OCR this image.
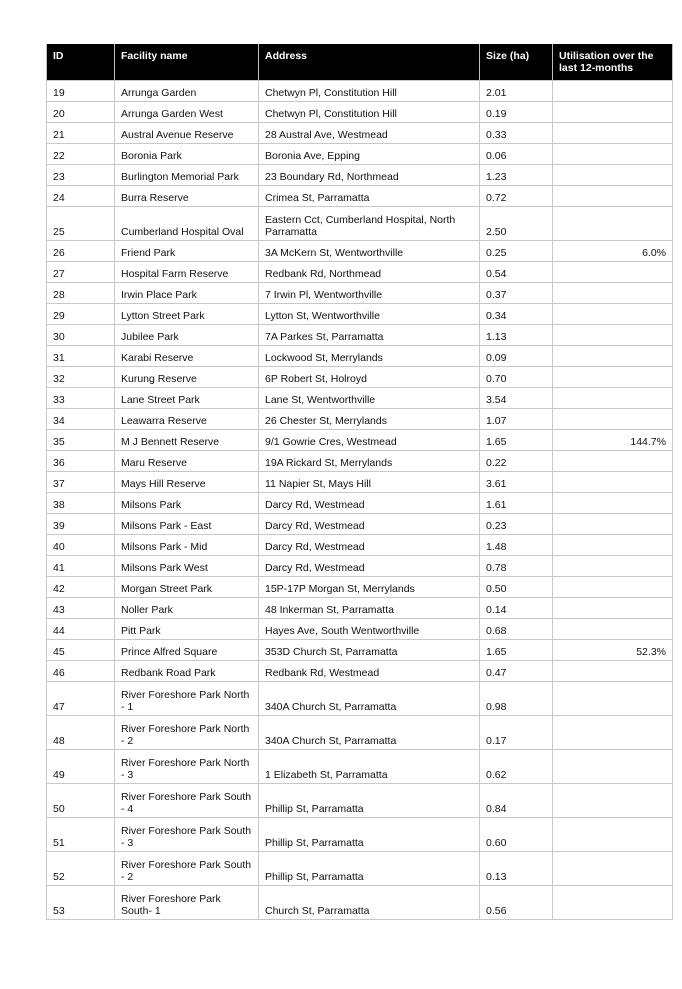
ID	Facility name	Address	Size (ha)	Utilisation over the last 12-months
19	Arrunga Garden	Chetwyn Pl, Constitution Hill	2.01	
20	Arrunga Garden West	Chetwyn Pl, Constitution Hill	0.19	
21	Austral Avenue Reserve	28 Austral Ave, Westmead	0.33	
22	Boronia Park	Boronia Ave, Epping	0.06	
23	Burlington Memorial Park	23 Boundary Rd, Northmead	1.23	
24	Burra Reserve	Crimea St, Parramatta	0.72	
25	Cumberland Hospital Oval	Eastern Cct, Cumberland Hospital, North Parramatta	2.50	
26	Friend Park	3A McKern St, Wentworthville	0.25	6.0%
27	Hospital Farm Reserve	Redbank Rd, Northmead	0.54	
28	Irwin Place Park	7 Irwin Pl, Wentworthville	0.37	
29	Lytton Street Park	Lytton St, Wentworthville	0.34	
30	Jubilee Park	7A Parkes St, Parramatta	1.13	
31	Karabi Reserve	Lockwood St, Merrylands	0.09	
32	Kurung Reserve	6P Robert St, Holroyd	0.70	
33	Lane Street Park	Lane St, Wentworthville	3.54	
34	Leawarra Reserve	26 Chester St, Merrylands	1.07	
35	M J Bennett Reserve	9/1 Gowrie Cres, Westmead	1.65	144.7%
36	Maru Reserve	19A Rickard St, Merrylands	0.22	
37	Mays Hill Reserve	11 Napier St, Mays Hill	3.61	
38	Milsons Park	Darcy Rd, Westmead	1.61	
39	Milsons Park - East	Darcy Rd, Westmead	0.23	
40	Milsons Park - Mid	Darcy Rd, Westmead	1.48	
41	Milsons Park West	Darcy Rd, Westmead	0.78	
42	Morgan Street Park	15P-17P Morgan St, Merrylands	0.50	
43	Noller Park	48 Inkerman St, Parramatta	0.14	
44	Pitt Park	Hayes Ave, South Wentworthville	0.68	
45	Prince Alfred Square	353D Church St, Parramatta	1.65	52.3%
46	Redbank Road Park	Redbank Rd, Westmead	0.47	
47	River Foreshore Park North - 1	340A Church St, Parramatta	0.98	
48	River Foreshore Park North - 2	340A Church St, Parramatta	0.17	
49	River Foreshore Park North - 3	1 Elizabeth St, Parramatta	0.62	
50	River Foreshore Park South - 4	Phillip St, Parramatta	0.84	
51	River Foreshore Park South - 3	Phillip St, Parramatta	0.60	
52	River Foreshore Park South - 2	Phillip St, Parramatta	0.13	
53	River Foreshore Park South- 1	Church St, Parramatta	0.56	
